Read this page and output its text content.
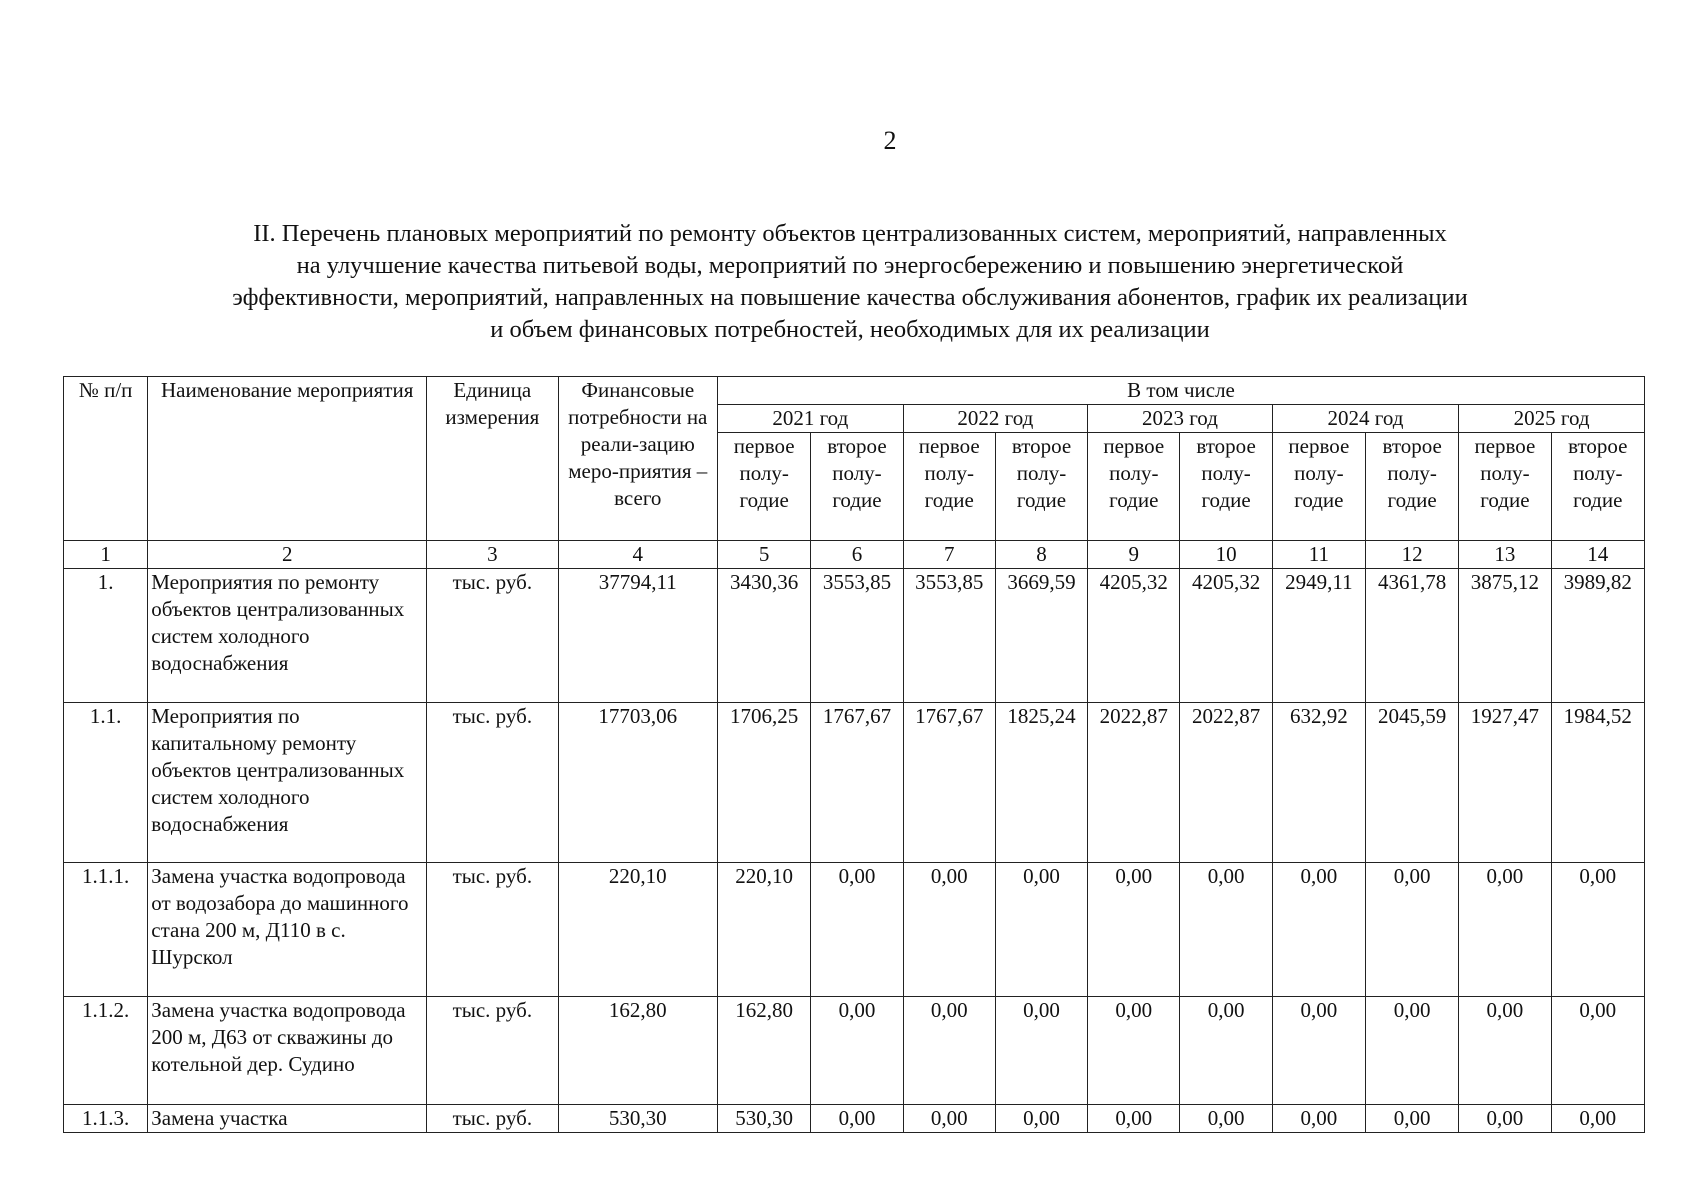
2
II. Перечень плановых мероприятий по ремонту объектов централизованных систем, мероприятий, направленных
на улучшение качества питьевой воды, мероприятий по энергосбережению и повышению энергетической
эффективности, мероприятий, направленных на повышение качества обслуживания абонентов, график их реализации
и объем финансовых потребностей, необходимых для их реализации
№ п/п	Наименование мероприятия	Единица измерения	Финансовые потребности на реали-зацию меро-приятия – всего	В том числе									
				2021 год		2022 год		2023 год		2024 год		2025 год	
				первое полу-годие	второе полу-годие	первое полу-годие	второе полу-годие	первое полу-годие	второе полу-годие	первое полу-годие	второе полу-годие	первое полу-годие	второе полу-годие
1	2	3	4	5	6	7	8	9	10	11	12	13	14
1.	Мероприятия по ремонту объектов централизованных систем холодного водоснабжения	тыс. руб.	37794,11	3430,36	3553,85	3553,85	3669,59	4205,32	4205,32	2949,11	4361,78	3875,12	3989,82
1.1.	Мероприятия по капитальному ремонту объектов централизованных систем холодного водоснабжения	тыс. руб.	17703,06	1706,25	1767,67	1767,67	1825,24	2022,87	2022,87	632,92	2045,59	1927,47	1984,52
1.1.1.	Замена участка водопровода от водозабора до машинного стана 200 м, Д110 в с. Шурскол	тыс. руб.	220,10	220,10	0,00	0,00	0,00	0,00	0,00	0,00	0,00	0,00	0,00
1.1.2.	Замена участка водопровода 200 м, Д63 от скважины до котельной дер. Судино	тыс. руб.	162,80	162,80	0,00	0,00	0,00	0,00	0,00	0,00	0,00	0,00	0,00
1.1.3.	Замена участка	тыс. руб.	530,30	530,30	0,00	0,00	0,00	0,00	0,00	0,00	0,00	0,00	0,00
